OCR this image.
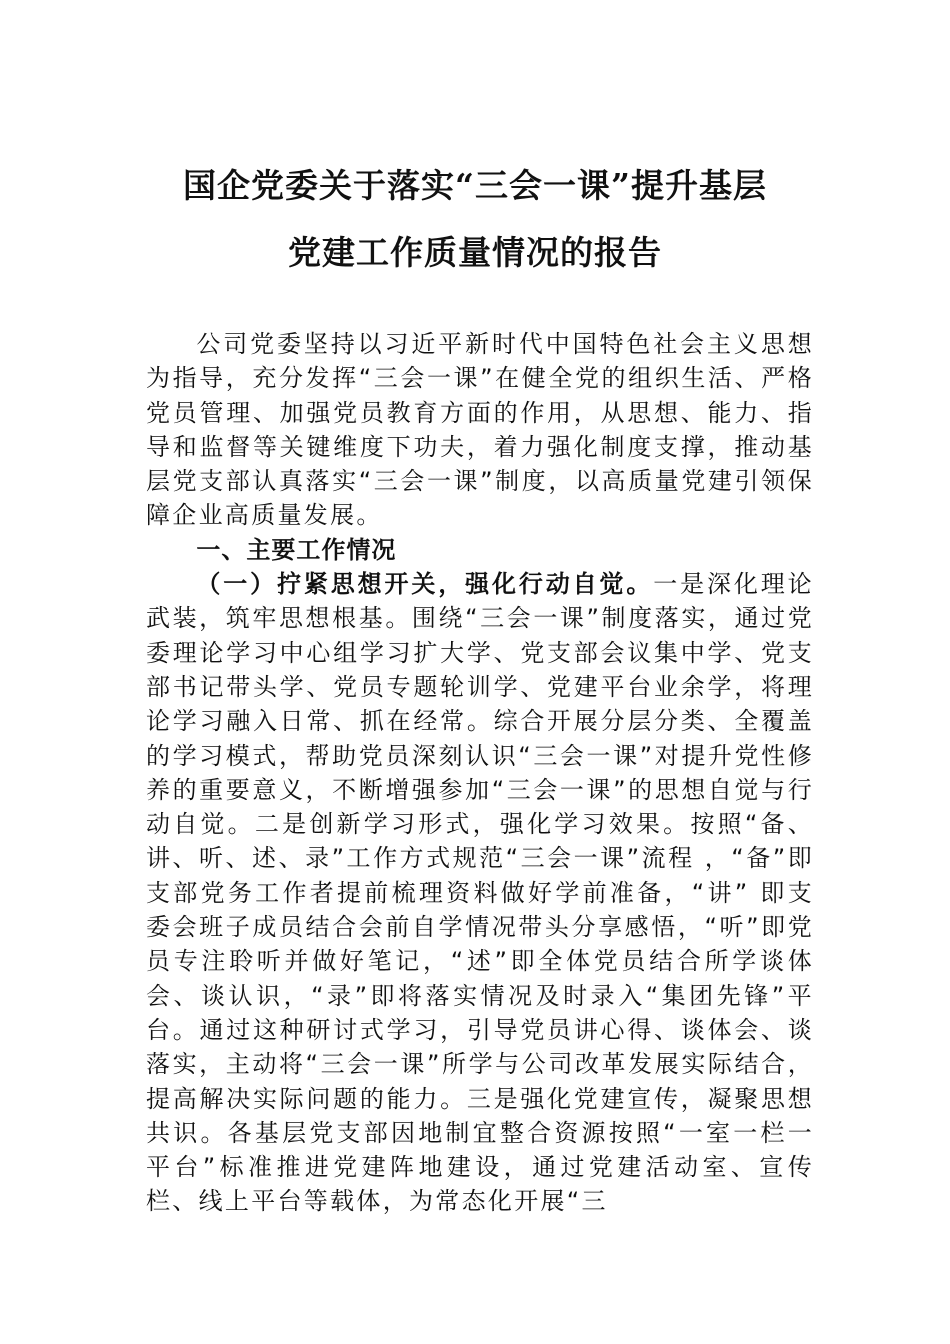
国企党委关于落实“三会一课”提升基层
党建工作质量情况的报告

公司党委坚持以习近平新时代中国特色社会主义思想为指导，充分发挥“三会一课”在健全党的组织生活、严格党员管理、加强党员教育方面的作用，从思想、能力、指导和监督等关键维度下功夫，着力强化制度支撑，推动基层党支部认真落实“三会一课”制度，以高质量党建引领保障企业高质量发展。

一、主要工作情况

（一）拧紧思想开关，强化行动自觉。一是深化理论武装，筑牢思想根基。围绕“三会一课”制度落实，通过党委理论学习中心组学习扩大学、党支部会议集中学、党支部书记带头学、党员专题轮训学、党建平台业余学，将理论学习融入日常、抓在经常。综合开展分层分类、全覆盖的学习模式，帮助党员深刻认识“三会一课”对提升党性修养的重要意义，不断增强参加“三会一课”的思想自觉与行动自觉。二是创新学习形式，强化学习效果。按照“备、讲、听、述、录”工作方式规范“三会一课”流程 ，“备”即支部党务工作者提前梳理资料做好学前准备，“讲” 即支委会班子成员结合会前自学情况带头分享感悟，“听”即党员专注聆听并做好笔记，“述”即全体党员结合所学谈体会、谈认识，“录”即将落实情况及时录入“集团先锋”平台。通过这种研讨式学习，引导党员讲心得、谈体会、谈落实，主动将“三会一课”所学与公司改革发展实际结合，提高解决实际问题的能力。三是强化党建宣传，凝聚思想共识。各基层党支部因地制宜整合资源按照“一室一栏一平台”标准推进党建阵地建设，通过党建活动室、宣传栏、线上平台等载体，为常态化开展“三
